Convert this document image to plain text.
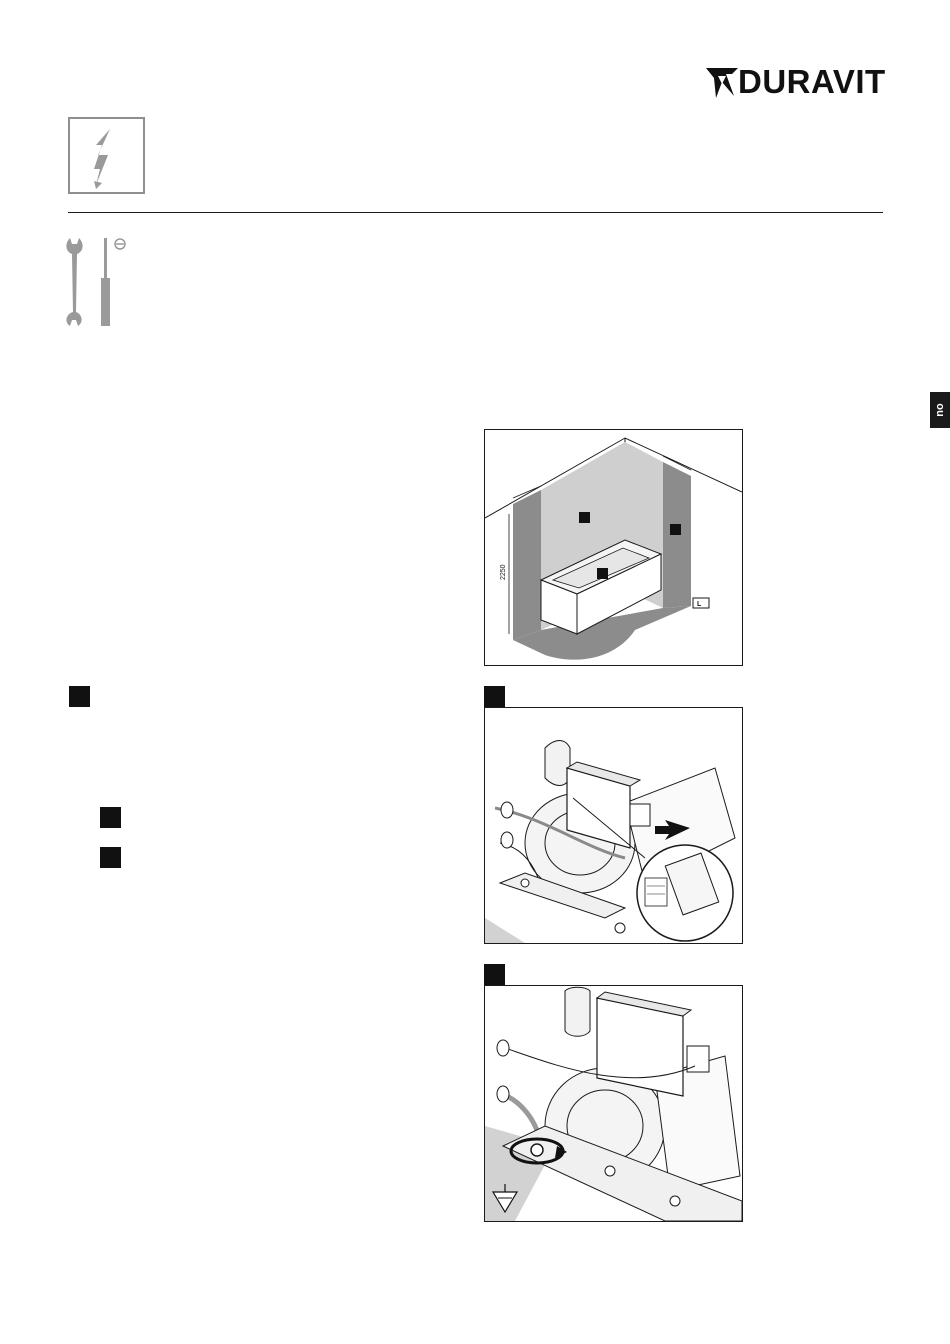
DURAVIT
no
2250
L
